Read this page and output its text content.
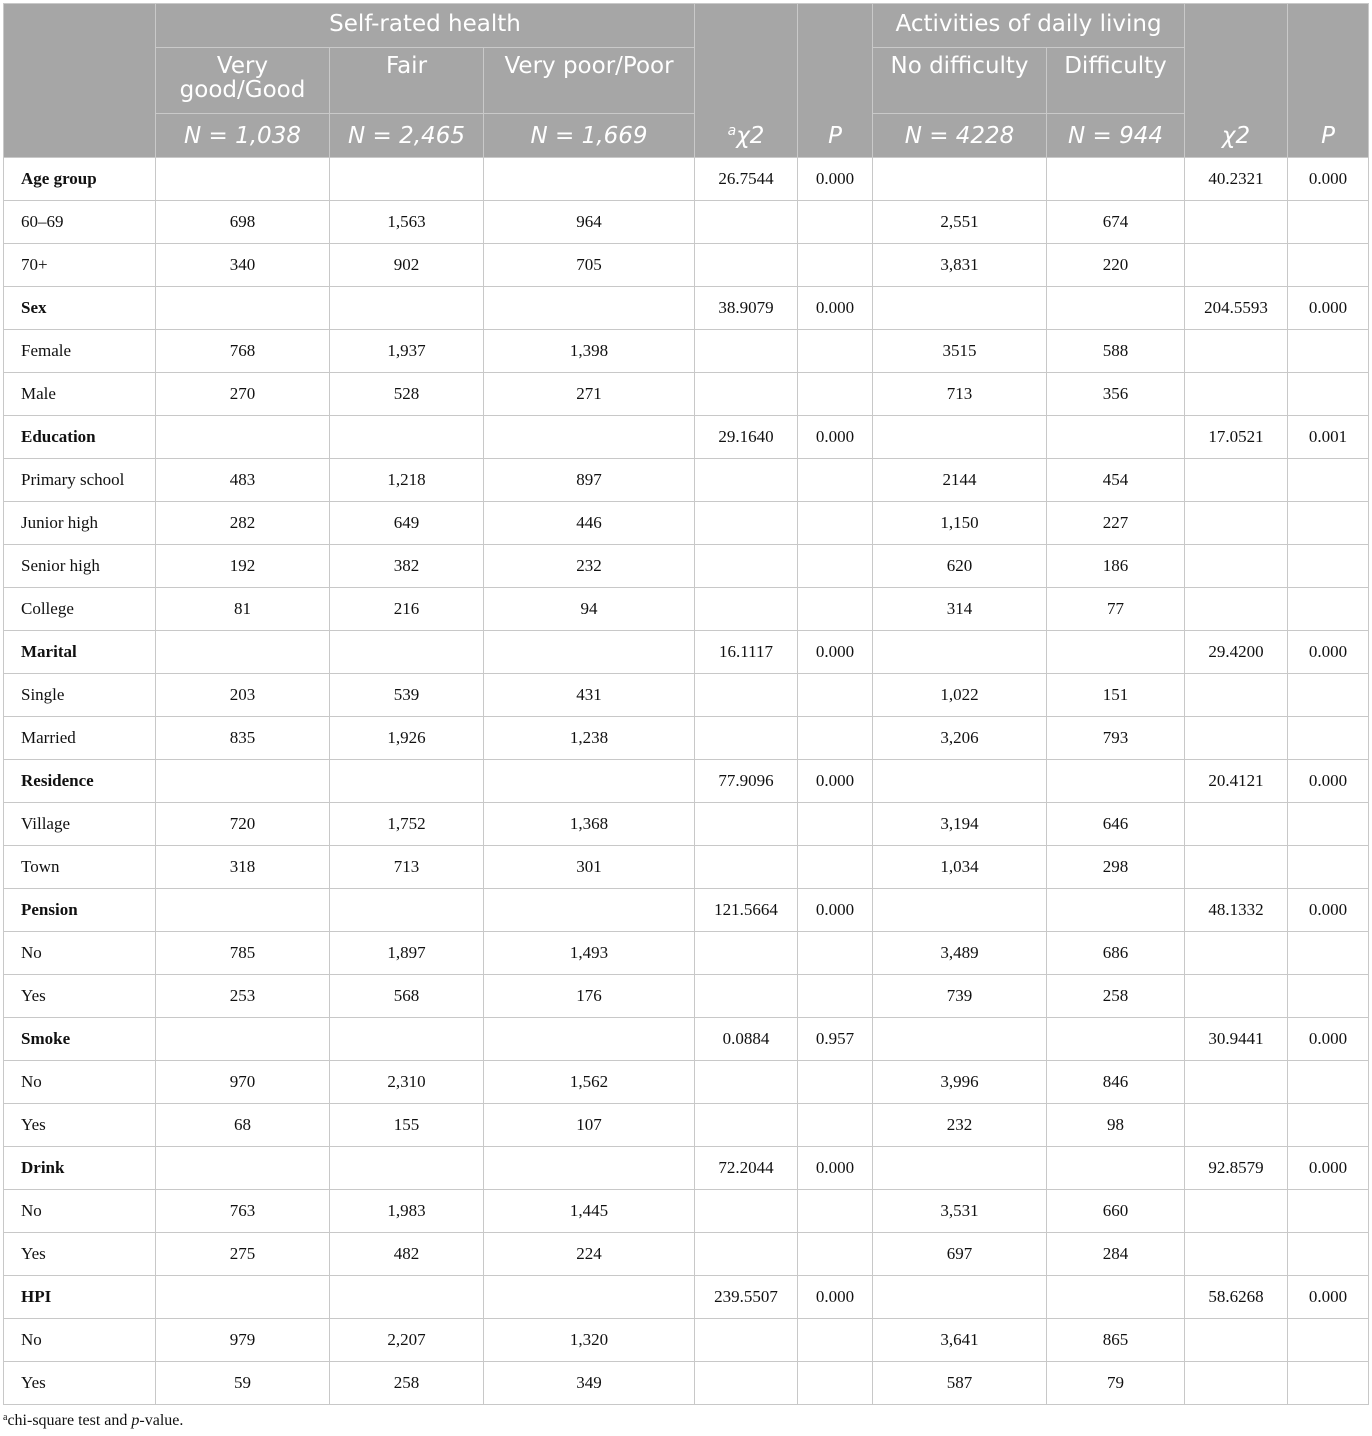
	Self-rated health			$^a$χ2	P	Activities of daily living		χ2	P
	Very good/Good	Fair	Very poor/Poor			No difficulty	Difficulty		
	N = 1,038	N = 2,465	N = 1,669			N = 4228	N = 944		
Age group				26.7544	0.000			40.2321	0.000
60–69	698	1,563	964			2,551	674		
70+	340	902	705			3,831	220		
Sex				38.9079	0.000			204.5593	0.000
Female	768	1,937	1,398			3515	588		
Male	270	528	271			713	356		
Education				29.1640	0.000			17.0521	0.001
Primary school	483	1,218	897			2144	454		
Junior high	282	649	446			1,150	227		
Senior high	192	382	232			620	186		
College	81	216	94			314	77		
Marital				16.1117	0.000			29.4200	0.000
Single	203	539	431			1,022	151		
Married	835	1,926	1,238			3,206	793		
Residence				77.9096	0.000			20.4121	0.000
Village	720	1,752	1,368			3,194	646		
Town	318	713	301			1,034	298		
Pension				121.5664	0.000			48.1332	0.000
No	785	1,897	1,493			3,489	686		
Yes	253	568	176			739	258		
Smoke				0.0884	0.957			30.9441	0.000
No	970	2,310	1,562			3,996	846		
Yes	68	155	107			232	98		
Drink				72.2044	0.000			92.8579	0.000
No	763	1,983	1,445			3,531	660		
Yes	275	482	224			697	284		
HPI				239.5507	0.000			58.6268	0.000
No	979	2,207	1,320			3,641	865		
Yes	59	258	349			587	79		
$^a$chi-square test and p-value.
